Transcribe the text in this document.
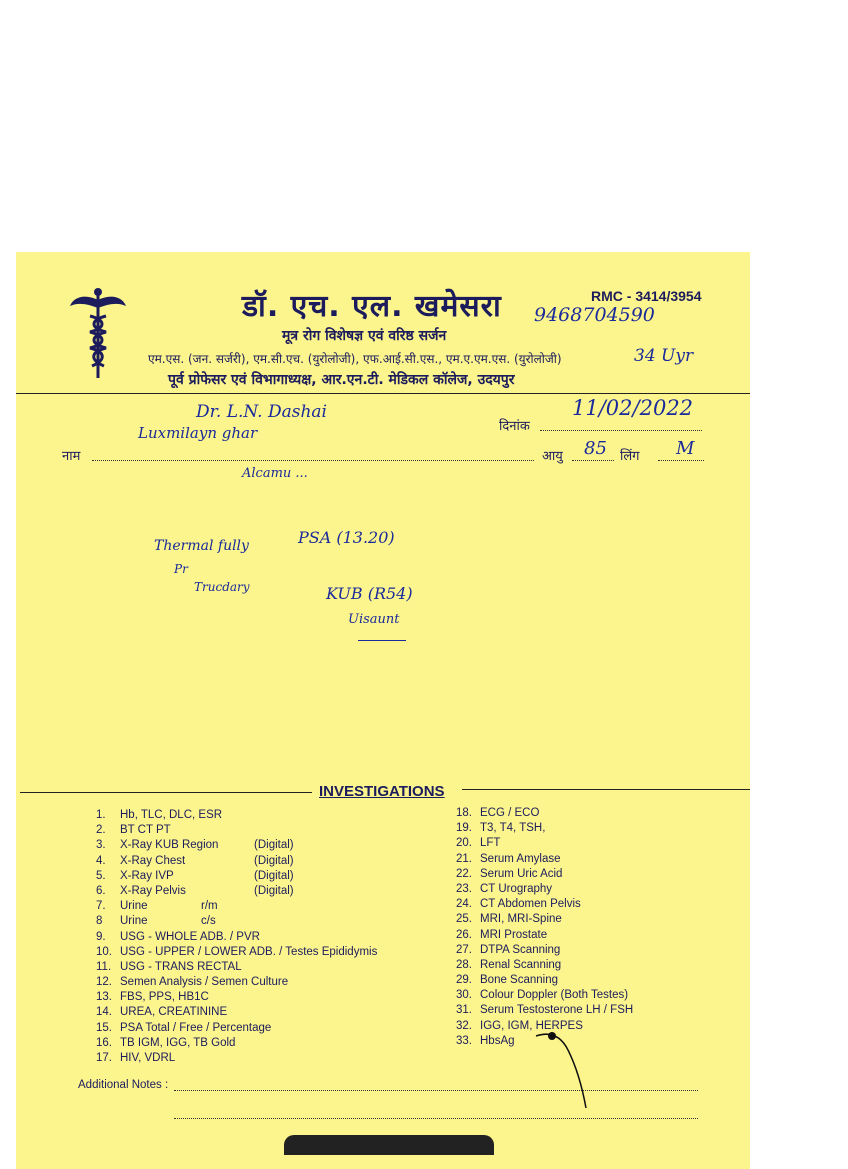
डॉ. एच. एल. खमेसरा	RMC - 3414/3954
9468704590
मूत्र रोग विशेषज्ञ एवं वरिष्ठ सर्जन
एम.एस. (जन. सर्जरी), एम.सी.एच. (युरोलोजी), एफ.आई.सी.एस., एम.ए.एम.एस. (युरोलोजी)	34 Uyr
पूर्व प्रोफेसर एवं विभागाध्यक्ष, आर.एन.टी. मेडिकल कॉलेज, उदयपुर
Dr. L.N. Dashai	11/02/2022
दिनांक
Luxmilayn ghar
नाम	आयु 85 लिंग M
Alcamu ...
Thermal fully
Pr
Trucdary
PSA (13.20)
KUB (R54)
Uisaunt
INVESTIGATIONS
1. Hb, TLC, DLC, ESR
2. BT CT PT
3. X-Ray KUB Region	(Digital)
4. X-Ray Chest	(Digital)
5. X-Ray IVP	(Digital)
6. X-Ray Pelvis	(Digital)
7. Urine	r/m
8 Urine	c/s
9. USG - WHOLE ADB. / PVR
10. USG - UPPER / LOWER ADB. / Testes Epididymis
11. USG - TRANS RECTAL
12. Semen Analysis / Semen Culture
13. FBS, PPS, HB1C
14. UREA, CREATININE
15. PSA Total / Free / Percentage
16. TB IGM, IGG, TB Gold
17. HIV, VDRL
18. ECG / ECO
19. T3, T4, TSH,
20. LFT
21. Serum Amylase
22. Serum Uric Acid
23. CT Urography
24. CT Abdomen Pelvis
25. MRI, MRI-Spine
26. MRI Prostate
27. DTPA Scanning
28. Renal Scanning
29. Bone Scanning
30. Colour Doppler (Both Testes)
31. Serum Testosterone LH / FSH
32. IGG, IGM, HERPES
33. HbsAg
Additional Notes :
